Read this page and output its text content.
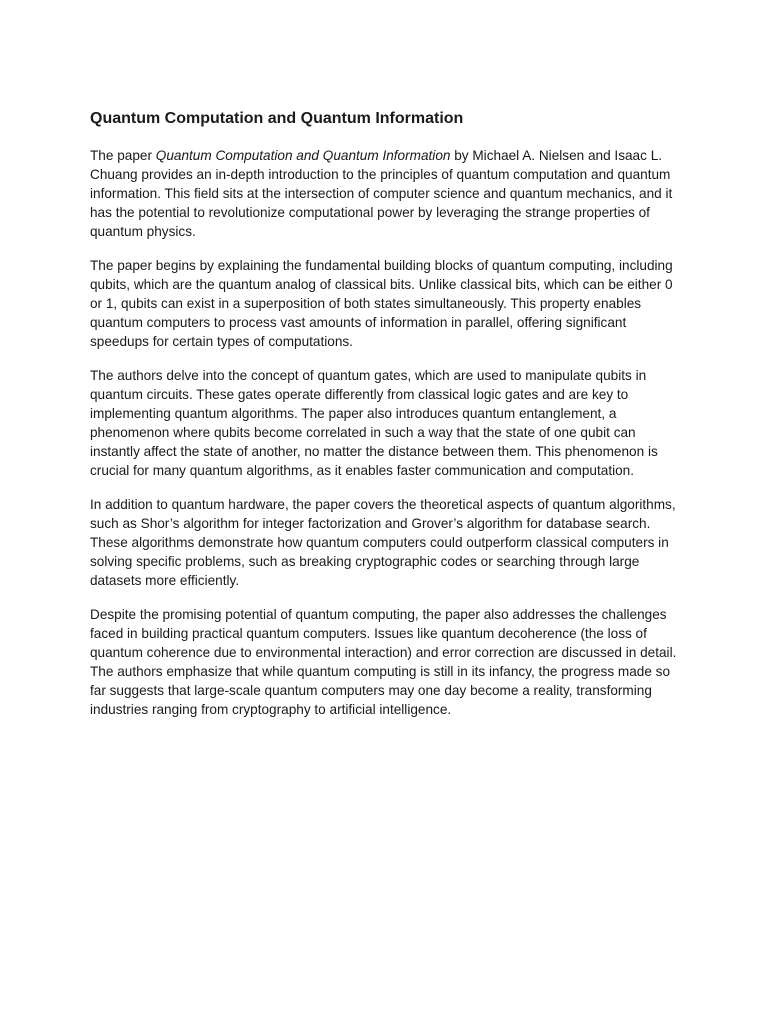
Quantum Computation and Quantum Information

The paper Quantum Computation and Quantum Information by Michael A. Nielsen and Isaac L. Chuang provides an in-depth introduction to the principles of quantum computation and quantum information. This field sits at the intersection of computer science and quantum mechanics, and it has the potential to revolutionize computational power by leveraging the strange properties of quantum physics.

The paper begins by explaining the fundamental building blocks of quantum computing, including qubits, which are the quantum analog of classical bits. Unlike classical bits, which can be either 0 or 1, qubits can exist in a superposition of both states simultaneously. This property enables quantum computers to process vast amounts of information in parallel, offering significant speedups for certain types of computations.

The authors delve into the concept of quantum gates, which are used to manipulate qubits in quantum circuits. These gates operate differently from classical logic gates and are key to implementing quantum algorithms. The paper also introduces quantum entanglement, a phenomenon where qubits become correlated in such a way that the state of one qubit can instantly affect the state of another, no matter the distance between them. This phenomenon is crucial for many quantum algorithms, as it enables faster communication and computation.

In addition to quantum hardware, the paper covers the theoretical aspects of quantum algorithms, such as Shor’s algorithm for integer factorization and Grover’s algorithm for database search. These algorithms demonstrate how quantum computers could outperform classical computers in solving specific problems, such as breaking cryptographic codes or searching through large datasets more efficiently.

Despite the promising potential of quantum computing, the paper also addresses the challenges faced in building practical quantum computers. Issues like quantum decoherence (the loss of quantum coherence due to environmental interaction) and error correction are discussed in detail. The authors emphasize that while quantum computing is still in its infancy, the progress made so far suggests that large-scale quantum computers may one day become a reality, transforming industries ranging from cryptography to artificial intelligence.
